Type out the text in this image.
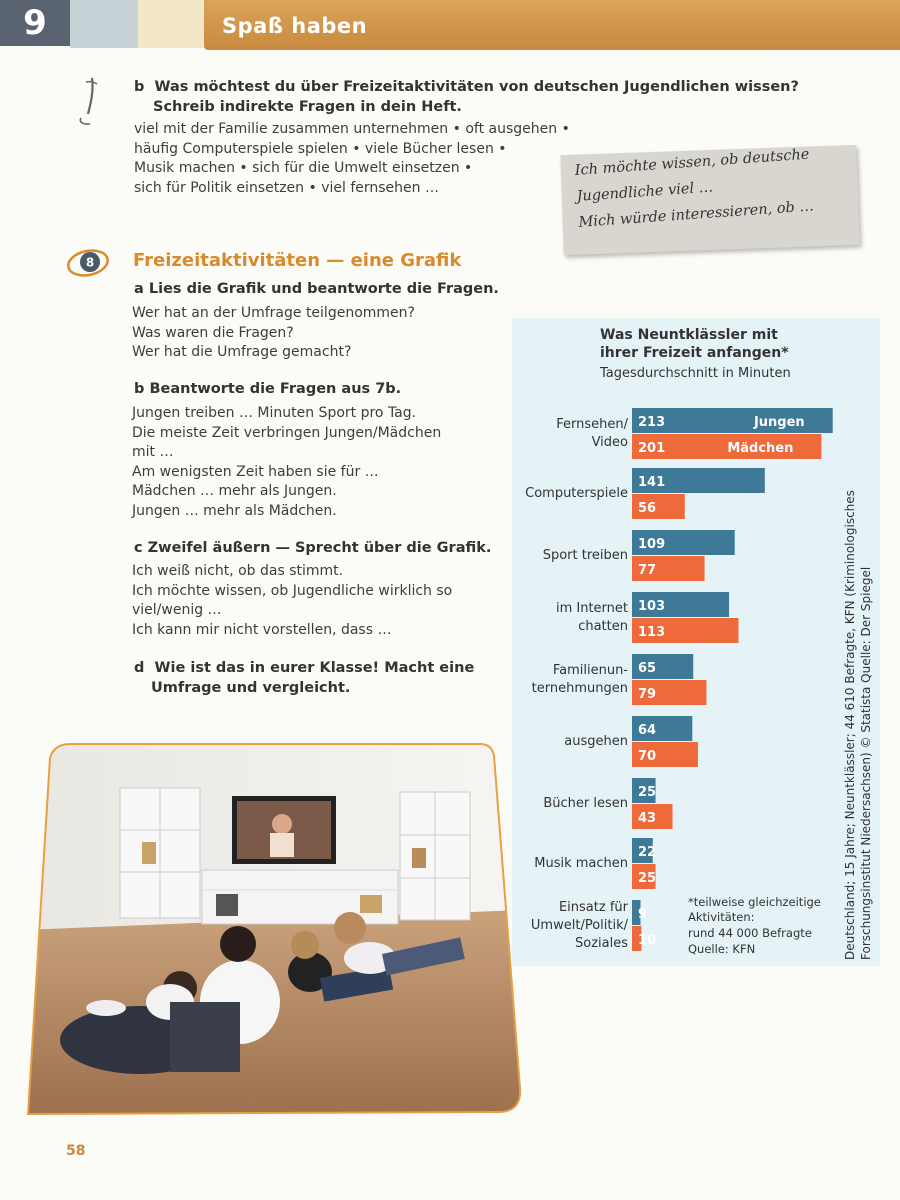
9	Spaß haben
b Was möchtest du über Freizeitaktivitäten von deutschen Jugendlichen wissen?
Schreib indirekte Fragen in dein Heft.
viel mit der Familie zusammen unternehmen • oft ausgehen •
häufig Computerspiele spielen • viele Bücher lesen •
Musik machen • sich für die Umwelt einsetzen •
sich für Politik einsetzen • viel fernsehen …
Ich möchte wissen, ob deutsche
Jugendliche viel …
Mich würde interessieren, ob …
8 Freizeitaktivitäten — eine Grafik
a Lies die Grafik und beantworte die Fragen.
Wer hat an der Umfrage teilgenommen?
Was waren die Fragen?
Wer hat die Umfrage gemacht?
b Beantworte die Fragen aus 7b.
Jungen treiben … Minuten Sport pro Tag.
Die meiste Zeit verbringen Jungen/Mädchen
mit …
Am wenigsten Zeit haben sie für …
Mädchen … mehr als Jungen.
Jungen … mehr als Mädchen.
c Zweifel äußern — Sprecht über die Grafik.
Ich weiß nicht, ob das stimmt.
Ich möchte wissen, ob Jugendliche wirklich so
viel/wenig …
Ich kann mir nicht vorstellen, dass …
d Wie ist das in eurer Klasse! Macht eine
Umfrage und vergleicht.
Was Neuntklässler mit
ihrer Freizeit anfangen*
Tagesdurchschnitt in Minuten
Fernsehen/
Video
213	Jungen
201	Mädchen
Computerspiele
141
56
Sport treiben
109
77
im Internet
chatten
103
113
Familienun-
ternehmungen
65
79
ausgehen
64
70
Bücher lesen
25
43
Musik machen
22
25
Einsatz für
Umwelt/Politik/
Soziales
9
10
*teilweise gleichzeitige
Aktivitäten:
rund 44 000 Befragte
Quelle: KFN	Deutschland; 15 Jahre; Neuntklässler; 44 610 Befragte, KFN (Kriminologisches Forschungsinstitut Niedersachsen) © Statista Quelle: Der Spiegel
58
